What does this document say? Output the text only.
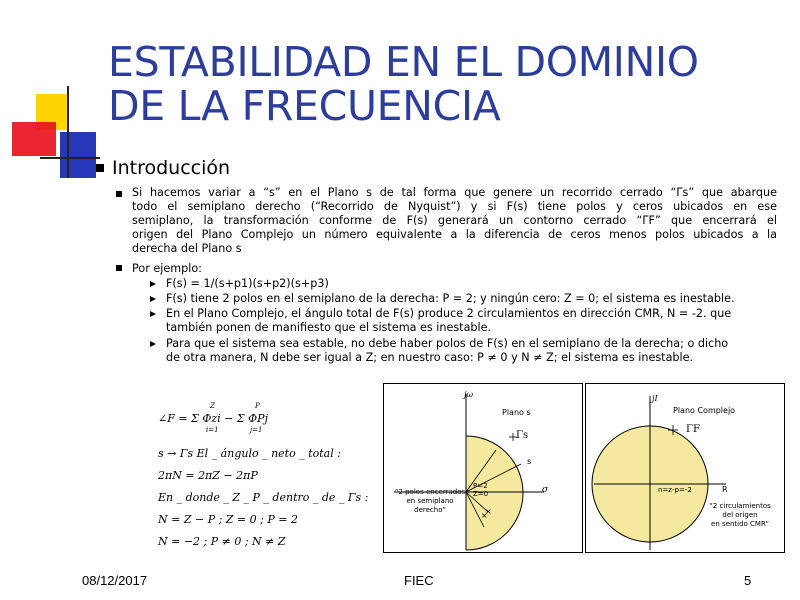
ESTABILIDAD EN EL DOMINIO
DE LA FRECUENCIA
Introducción
Si hacemos variar a “s” en el Plano s de tal forma que genere un recorrido cerrado “Γs” que abarque
todo el semiplano derecho (“Recorrido de Nyquist”) y si F(s) tiene polos y ceros ubicados en ese
semiplano, la transformación conforme de F(s) generará un contorno cerrado “ΓF” que encerrará el
origen del Plano Complejo un número equivalente a la diferencia de ceros menos polos ubicados a la
derecha del Plano s
Por ejemplo:
F(s) = 1/(s+p1)(s+p2)(s+p3)
F(s) tiene 2 polos en el semiplano de la derecha: P = 2; y ningún cero: Z = 0; el sistema es inestable.
En el Plano Complejo, el ángulo total de F(s) produce 2 circulamientos en dirección CMR, N = -2. que
también ponen de manifiesto que el sistema es inestable.
Para que el sistema sea estable, no debe haber polos de F(s) en el semiplano de la derecha; o dicho
de otra manera, N debe ser igual a Z; en nuestro caso: P ≠ 0 y N ≠ Z; el sistema es inestable.
∠F = Σ Φzi − Σ ΦPj
Z
i=1
P
j=1
s → Γs El _ ángulo _ neto _ total :
2πN = 2πZ − 2πP
En _ donde _ Z _ P _ dentro _ de _ Γs :
N = Z − P ; Z = 0 ; P = 2
N = −2 ; P ≠ 0 ; N ≠ Z
×
×
jω
Plano s
Γs
s
σ
P=2
Z=0
“2 polos encerrados
en semiplano
derecho”
jI
Plano Complejo
ΓF
n=z-p=-2	R
“2 circulamientos
del origen
en sentido CMR”
08/12/2017	FIEC	5
